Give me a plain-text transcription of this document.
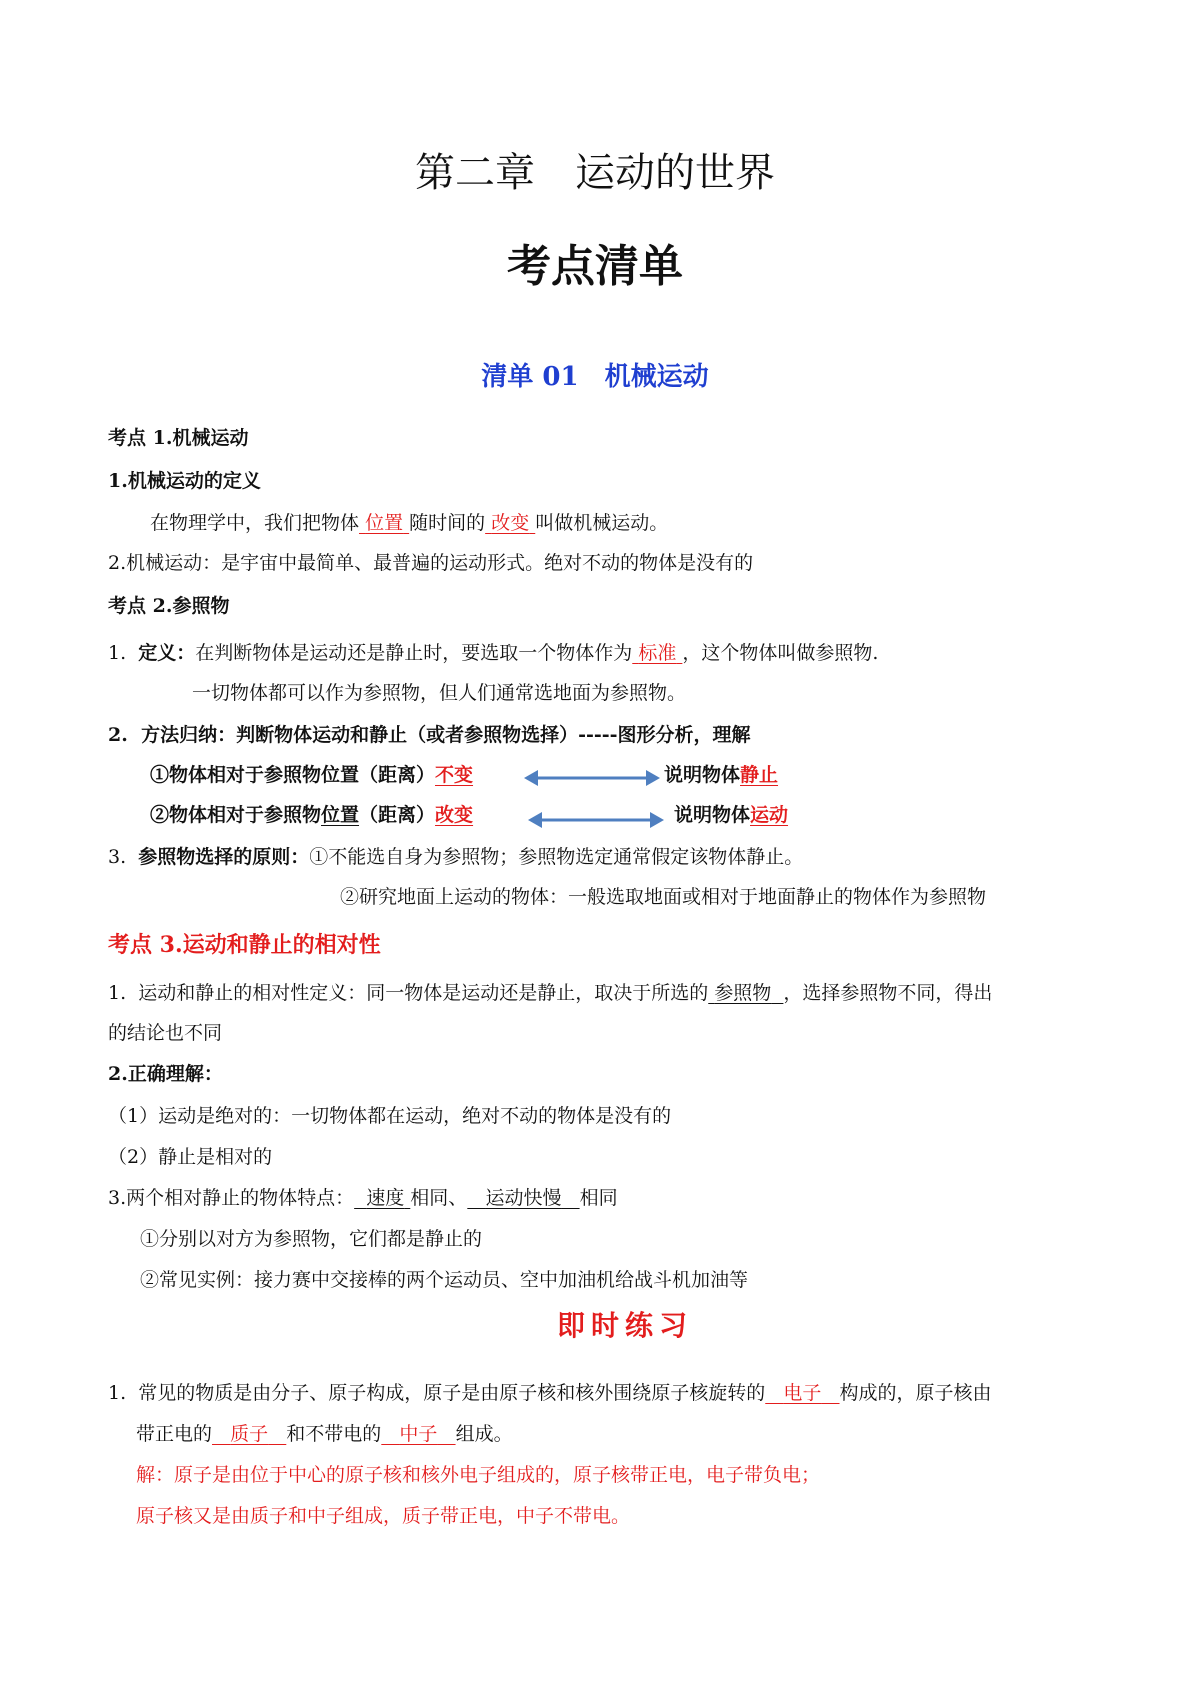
第二章　运动的世界
考点清单
清单 01　机械运动
考点 1.机械运动
1.机械运动的定义
在物理学中，我们把物体 位置 随时间的 改变 叫做机械运动。
2.机械运动：是宇宙中最简单、最普遍的运动形式。绝对不动的物体是没有的
考点 2.参照物
1. 定义：在判断物体是运动还是静止时，要选取一个物体作为 标准 ，这个物体叫做参照物.
一切物体都可以作为参照物，但人们通常选地面为参照物。
2. 方法归纳：判断物体运动和静止（或者参照物选择）-----图形分析，理解
①物体相对于参照物位置（距离）不变	说明物体静止
②物体相对于参照物位置（距离）改变	说明物体运动
3. 参照物选择的原则：①不能选自身为参照物；参照物选定通常假定该物体静止。
②研究地面上运动的物体：一般选取地面或相对于地面静止的物体作为参照物
考点 3.运动和静止的相对性
1. 运动和静止的相对性定义：同一物体是运动还是静止，取决于所选的 参照物 ，选择参照物不同，得出
的结论也不同
2.正确理解：
（1）运动是绝对的：一切物体都在运动，绝对不动的物体是没有的
（2）静止是相对的
3.两个相对静止的物体特点： 速度 相同、 运动快慢 相同
①分别以对方为参照物，它们都是静止的
②常见实例：接力赛中交接棒的两个运动员、空中加油机给战斗机加油等
即时练习
1. 常见的物质是由分子、原子构成，原子是由原子核和核外围绕原子核旋转的 电子 构成的，原子核由
带正电的 质子 和不带电的 中子 组成。
解：原子是由位于中心的原子核和核外电子组成的，原子核带正电，电子带负电；
原子核又是由质子和中子组成，质子带正电，中子不带电。
